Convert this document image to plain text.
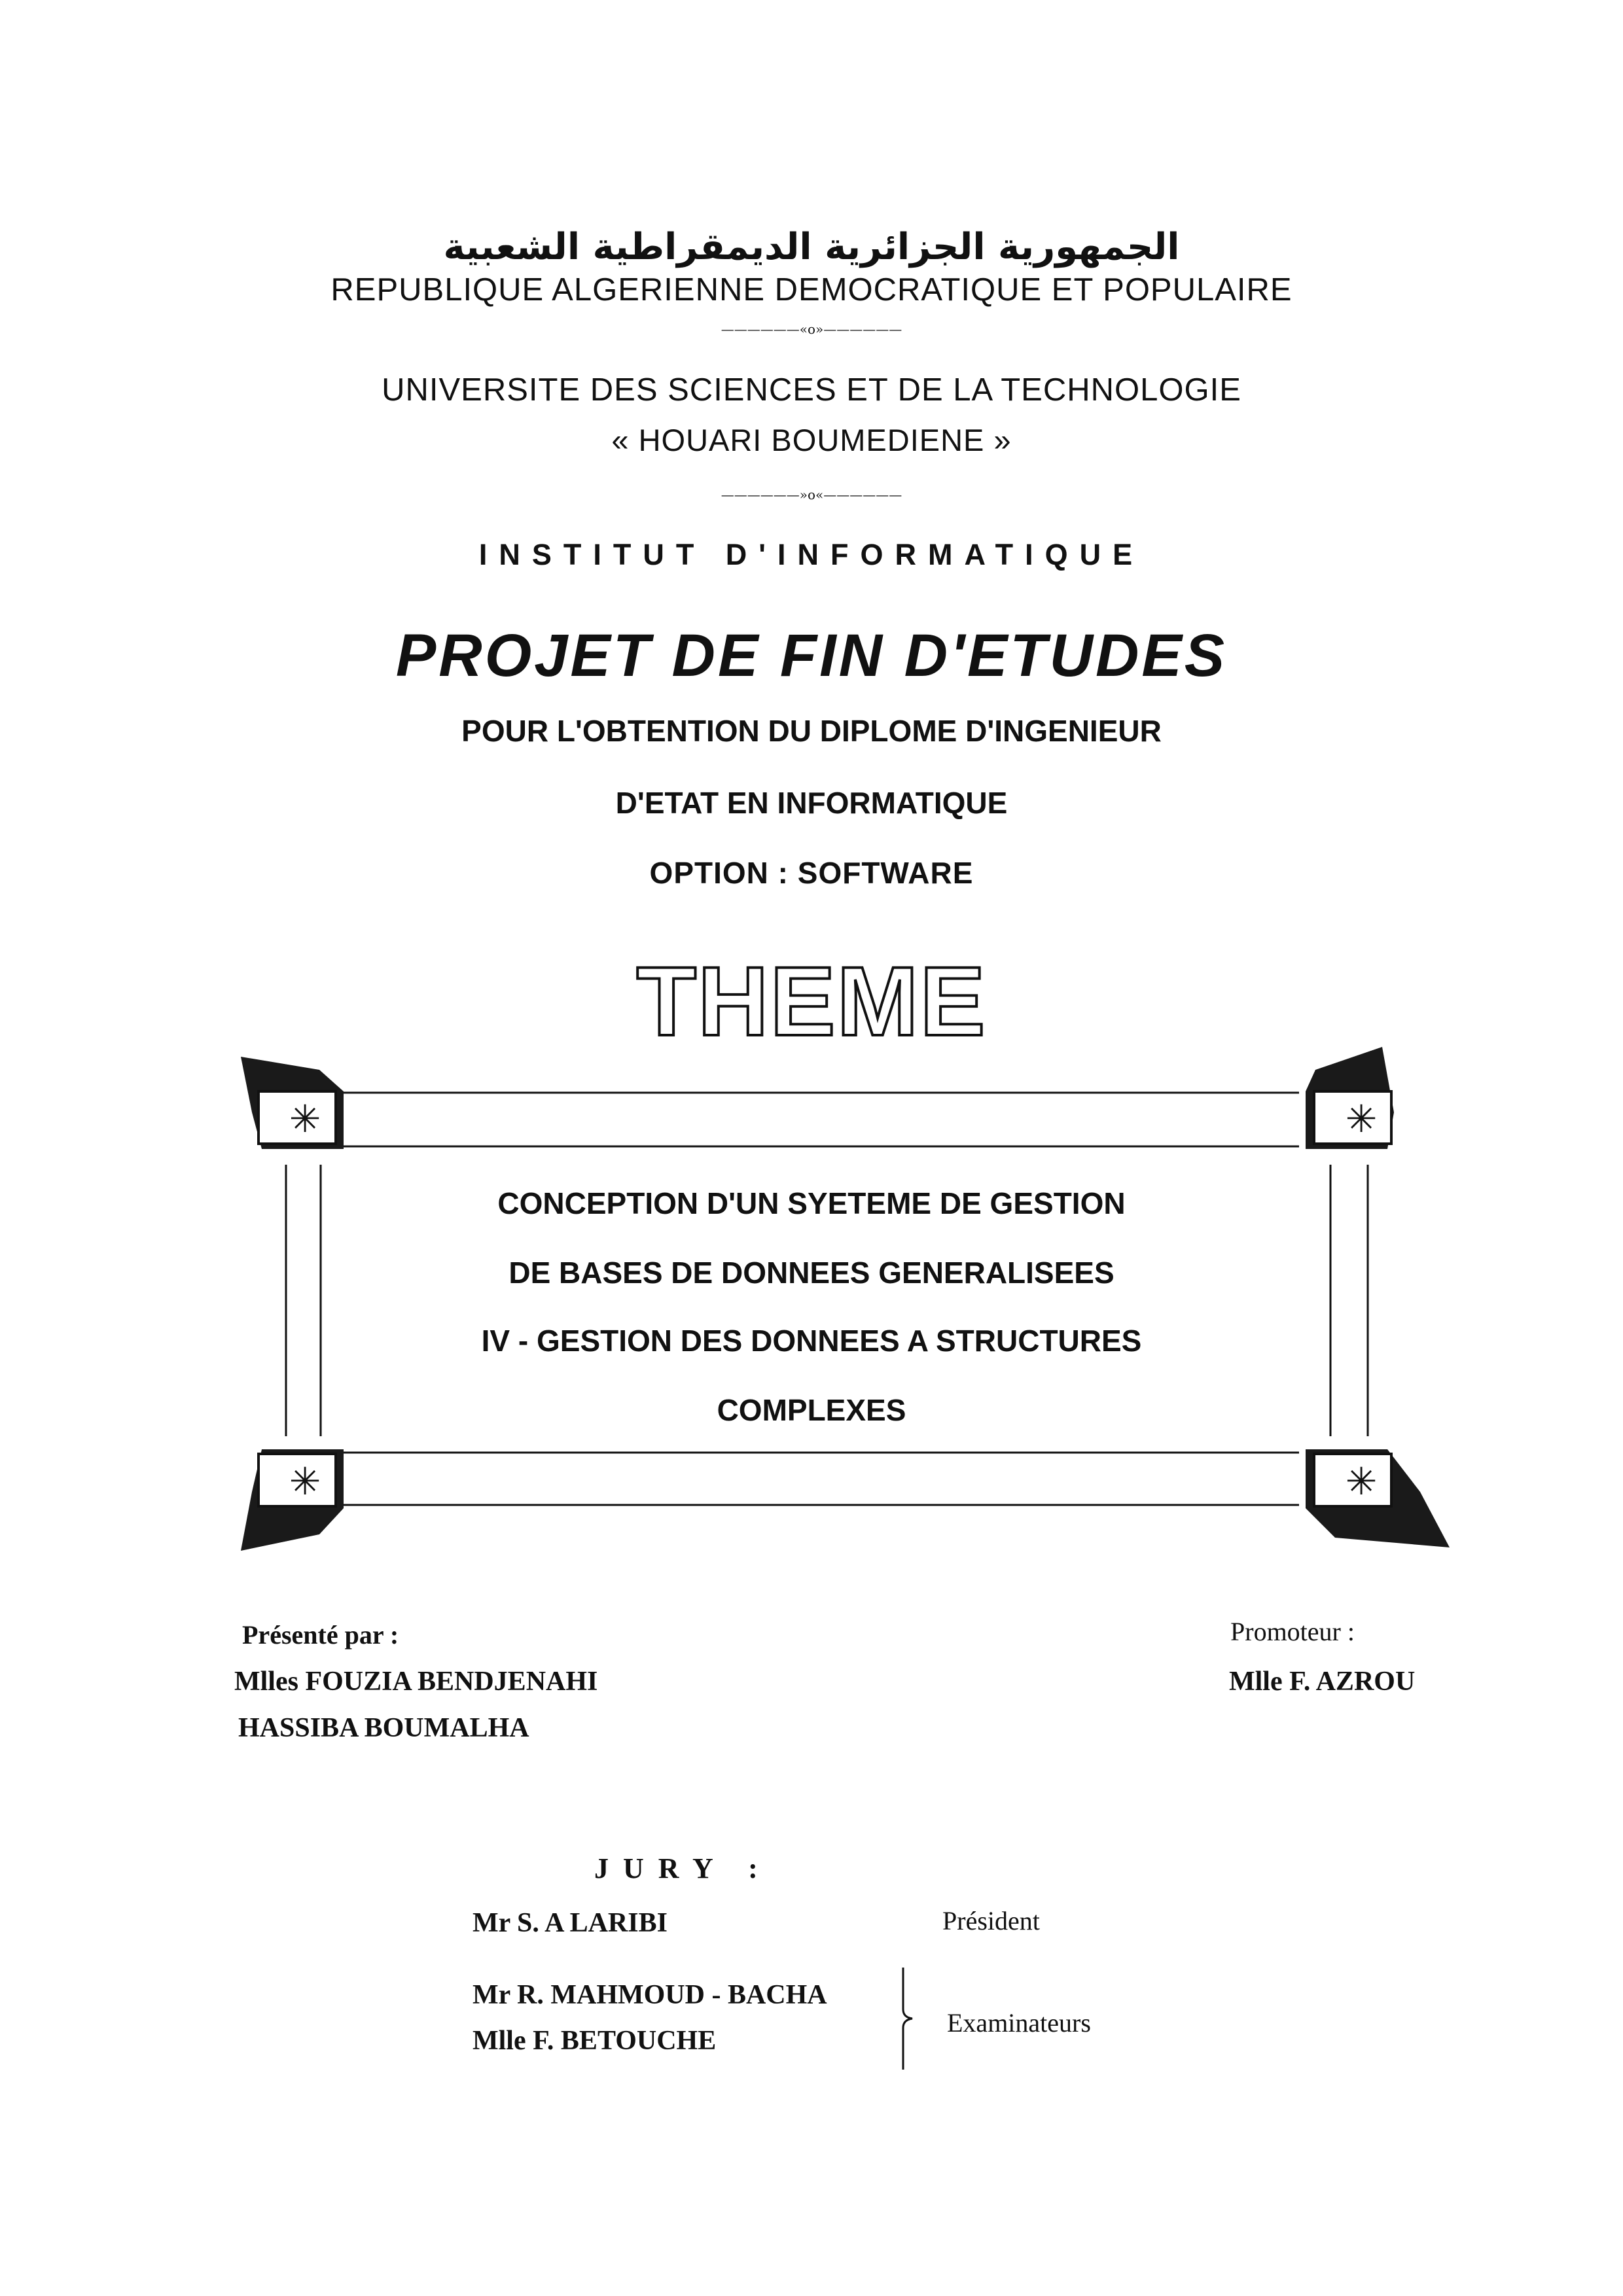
الجمهورية الجزائرية الديمقراطية الشعبية
REPUBLIQUE ALGERIENNE DEMOCRATIQUE ET POPULAIRE
——————«o»——————
UNIVERSITE DES SCIENCES ET DE LA TECHNOLOGIE
« HOUARI BOUMEDIENE »
——————»o«——————
INSTITUT D'INFORMATIQUE
PROJET DE FIN D'ETUDES
POUR L'OBTENTION DU DIPLOME D'INGENIEUR
D'ETAT EN INFORMATIQUE
OPTION : SOFTWARE
THEME
✳	✳
✳	✳
CONCEPTION D'UN SYETEME DE GESTION
DE BASES DE DONNEES GENERALISEES
IV - GESTION DES DONNEES A STRUCTURES
COMPLEXES
Présenté par :
Mlles FOUZIA BENDJENAHI
HASSIBA BOUMALHA
Promoteur :
Mlle F. AZROU
JURY :
Mr S. A LARIBI	Président
Mr R. MAHMOUD - BACHA
Mlle F. BETOUCHE
Examinateurs
